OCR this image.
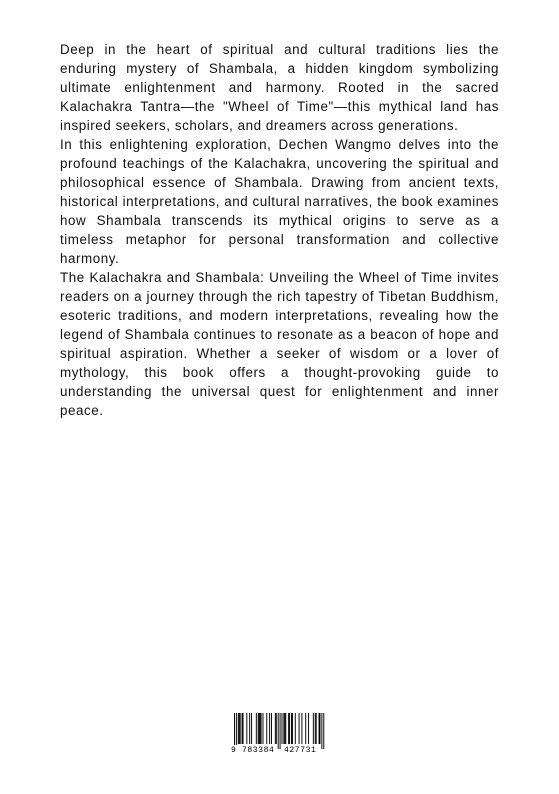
Deep in the heart of spiritual and cultural traditions lies the enduring mystery of Shambala, a hidden kingdom symbolizing ultimate enlightenment and harmony. Rooted in the sacred Kalachakra Tantra—the "Wheel of Time"—this mythical land has inspired seekers, scholars, and dreamers across generations.

In this enlightening exploration, Dechen Wangmo delves into the profound teachings of the Kalachakra, uncovering the spiritual and philosophical essence of Shambala. Drawing from ancient texts, historical interpretations, and cultural narratives, the book examines how Shambala transcends its mythical origins to serve as a timeless metaphor for personal transformation and collective harmony.

The Kalachakra and Shambala: Unveiling the Wheel of Time invites readers on a journey through the rich tapestry of Tibetan Buddhism, esoteric traditions, and modern interpretations, revealing how the legend of Shambala continues to resonate as a beacon of hope and spiritual aspiration. Whether a seeker of wisdom or a lover of mythology, this book offers a thought-provoking guide to understanding the universal quest for enlightenment and inner peace.

9 783384 427731
